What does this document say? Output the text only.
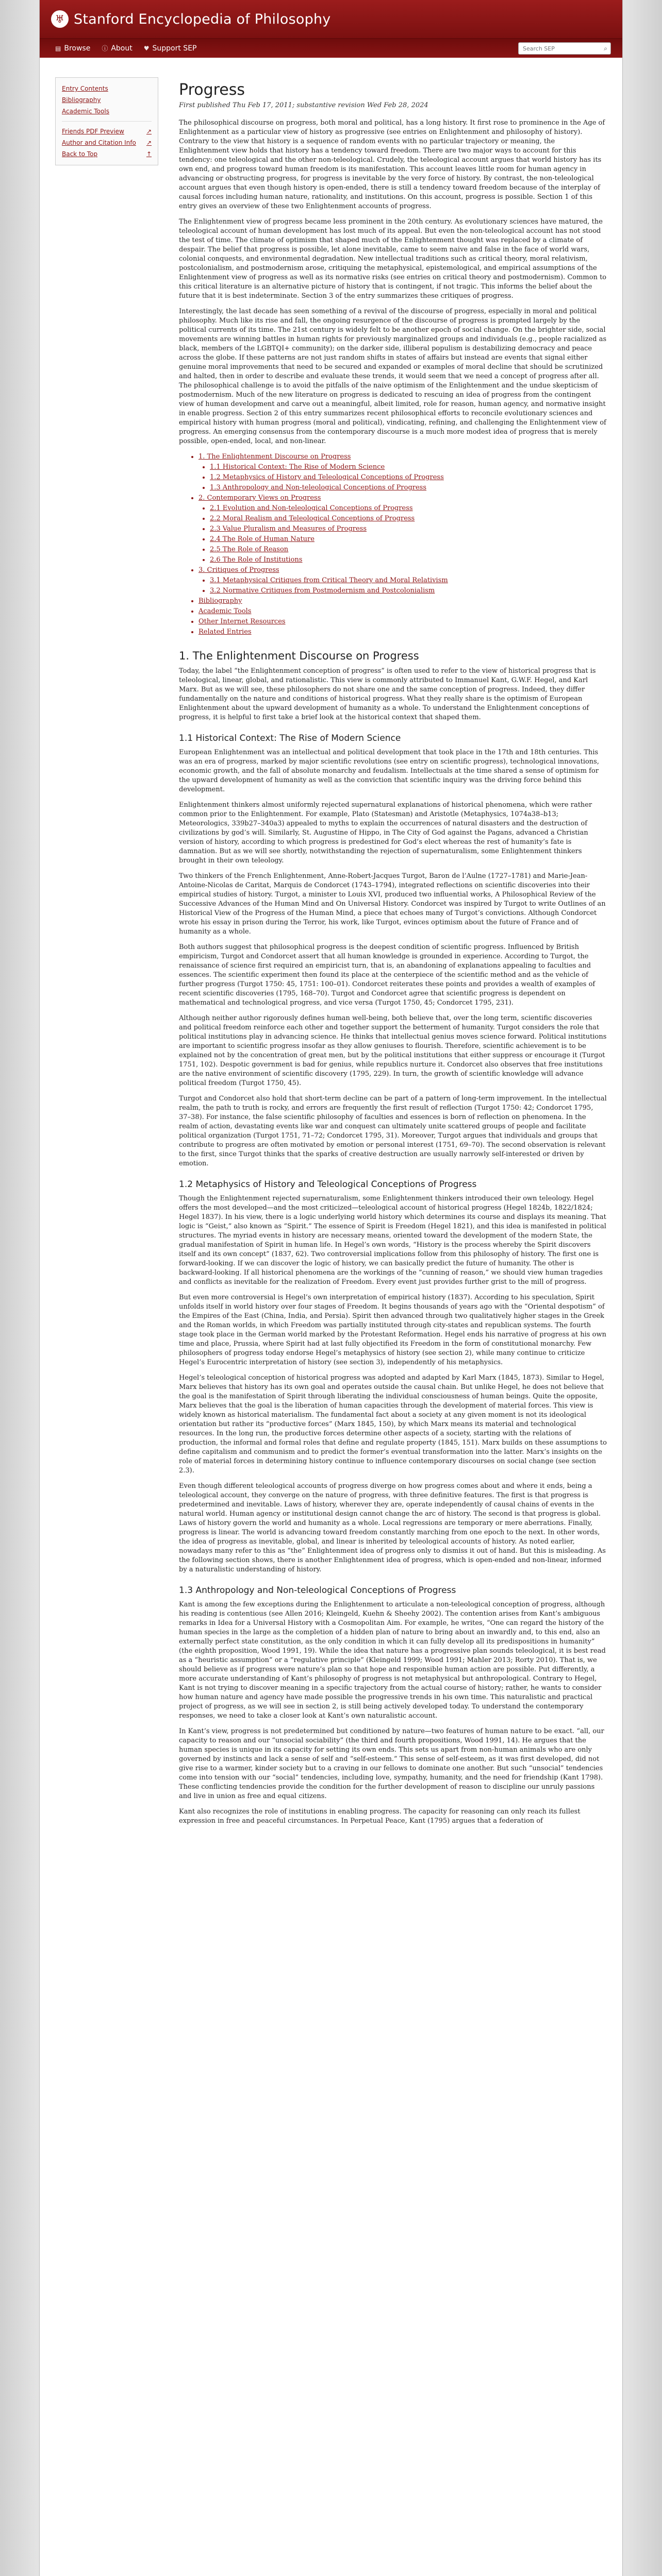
♅ Stanford Encyclopedia of Philosophy
▤ Browse ⓘ About ♥ Support SEP
Search SEP	⌕
Entry Contents
Bibliography
Academic Tools
Friends PDF Preview	↗
Author and Citation Info ↗
Back to Top	↑
Progress
First published Thu Feb 17, 2011; substantive revision Wed Feb 28, 2024

The philosophical discourse on progress, both moral and political, has a long history. It first rose to prominence in the Age of Enlightenment as a particular view of history as progressive (see entries on Enlightenment and philosophy of history). Contrary to the view that history is a sequence of random events with no particular trajectory or meaning, the Enlightenment view holds that history has a tendency toward freedom. There are two major ways to account for this tendency: one teleological and the other non-teleological. Crudely, the teleological account argues that world history has its own end, and progress toward human freedom is its manifestation. This account leaves little room for human agency in advancing or obstructing progress, for progress is inevitable by the very force of history. By contrast, the non-teleological account argues that even though history is open-ended, there is still a tendency toward freedom because of the interplay of causal forces including human nature, rationality, and institutions. On this account, progress is possible. Section 1 of this entry gives an overview of these two Enlightenment accounts of progress.

The Enlightenment view of progress became less prominent in the 20th century. As evolutionary sciences have matured, the teleological account of human development has lost much of its appeal. But even the non-teleological account has not stood the test of time. The climate of optimism that shaped much of the Enlightenment thought was replaced by a climate of despair. The belief that progress is possible, let alone inevitable, came to seem naive and false in the face of world wars, colonial conquests, and environmental degradation. New intellectual traditions such as critical theory, moral relativism, postcolonialism, and postmodernism arose, critiquing the metaphysical, epistemological, and empirical assumptions of the Enlightenment view of progress as well as its normative risks (see entries on critical theory and postmodernism). Common to this critical literature is an alternative picture of history that is contingent, if not tragic. This informs the belief about the future that it is best indeterminate. Section 3 of the entry summarizes these critiques of progress.

Interestingly, the last decade has seen something of a revival of the discourse of progress, especially in moral and political philosophy. Much like its rise and fall, the ongoing resurgence of the discourse of progress is prompted largely by the political currents of its time. The 21st century is widely felt to be another epoch of social change. On the brighter side, social movements are winning battles in human rights for previously marginalized groups and individuals (e.g., people racialized as black, members of the LGBTQI+ community); on the darker side, illiberal populism is destabilizing democracy and peace across the globe. If these patterns are not just random shifts in states of affairs but instead are events that signal either genuine moral improvements that need to be secured and expanded or examples of moral decline that should be scrutinized and halted, then in order to describe and evaluate these trends, it would seem that we need a concept of progress after all. The philosophical challenge is to avoid the pitfalls of the naive optimism of the Enlightenment and the undue skepticism of postmodernism. Much of the new literature on progress is dedicated to rescuing an idea of progress from the contingent view of human development and carve out a meaningful, albeit limited, role for reason, human agency, and normative insight in enable progress. Section 2 of this entry summarizes recent philosophical efforts to reconcile evolutionary sciences and empirical history with human progress (moral and political), vindicating, refining, and challenging the Enlightenment view of progress. An emerging consensus from the contemporary discourse is a much more modest idea of progress that is merely possible, open-ended, local, and non-linear.

• 1. The Enlightenment Discourse on Progress
• 1.1 Historical Context: The Rise of Modern Science
• 1.2 Metaphysics of History and Teleological Conceptions of Progress
• 1.3 Anthropology and Non-teleological Conceptions of Progress
• 2. Contemporary Views on Progress
• 2.1 Evolution and Non-teleological Conceptions of Progress
• 2.2 Moral Realism and Teleological Conceptions of Progress
• 2.3 Value Pluralism and Measures of Progress
• 2.4 The Role of Human Nature
• 2.5 The Role of Reason
• 2.6 The Role of Institutions
• 3. Critiques of Progress
• 3.1 Metaphysical Critiques from Critical Theory and Moral Relativism
• 3.2 Normative Critiques from Postmodernism and Postcolonialism
• Bibliography
• Academic Tools
• Other Internet Resources
• Related Entries
1. The Enlightenment Discourse on Progress

Today, the label “the Enlightenment conception of progress” is often used to refer to the view of historical progress that is teleological, linear, global, and rationalistic. This view is commonly attributed to Immanuel Kant, G.W.F. Hegel, and Karl Marx. But as we will see, these philosophers do not share one and the same conception of progress. Indeed, they differ fundamentally on the nature and conditions of historical progress. What they really share is the optimism of European Enlightenment about the upward development of humanity as a whole. To understand the Enlightenment conceptions of progress, it is helpful to first take a brief look at the historical context that shaped them.

1.1 Historical Context: The Rise of Modern Science

European Enlightenment was an intellectual and political development that took place in the 17th and 18th centuries. This was an era of progress, marked by major scientific revolutions (see entry on scientific progress), technological innovations, economic growth, and the fall of absolute monarchy and feudalism. Intellectuals at the time shared a sense of optimism for the upward development of humanity as well as the conviction that scientific inquiry was the driving force behind this development.

Enlightenment thinkers almost uniformly rejected supernatural explanations of historical phenomena, which were rather common prior to the Enlightenment. For example, Plato (Statesman) and Aristotle (Metaphysics, 1074a38–b13; Meteorologics, 339b27–340a3) appealed to myths to explain the occurrences of natural disasters and the destruction of civilizations by god’s will. Similarly, St. Augustine of Hippo, in The City of God against the Pagans, advanced a Christian version of history, according to which progress is predestined for God’s elect whereas the rest of humanity’s fate is damnation. But as we will see shortly, notwithstanding the rejection of supernaturalism, some Enlightenment thinkers brought in their own teleology.

Two thinkers of the French Enlightenment, Anne-Robert-Jacques Turgot, Baron de l’Aulne (1727–1781) and Marie-Jean-Antoine-Nicolas de Caritat, Marquis de Condorcet (1743–1794), integrated reflections on scientific discoveries into their empirical studies of history. Turgot, a minister to Louis XVI, produced two influential works, A Philosophical Review of the Successive Advances of the Human Mind and On Universal History. Condorcet was inspired by Turgot to write Outlines of an Historical View of the Progress of the Human Mind, a piece that echoes many of Turgot’s convictions. Although Condorcet wrote his essay in prison during the Terror, his work, like Turgot, evinces optimism about the future of France and of humanity as a whole.

Both authors suggest that philosophical progress is the deepest condition of scientific progress. Influenced by British empiricism, Turgot and Condorcet assert that all human knowledge is grounded in experience. According to Turgot, the renaissance of science first required an empiricist turn, that is, an abandoning of explanations appealing to faculties and essences. The scientific experiment then found its place at the centerpiece of the scientific method and as the vehicle of further progress (Turgot 1750: 45, 1751: 100–01). Condorcet reiterates these points and provides a wealth of examples of recent scientific discoveries (1795, 168–70). Turgot and Condorcet agree that scientific progress is dependent on mathematical and technological progress, and vice versa (Turgot 1750, 45; Condorcet 1795, 231).

Although neither author rigorously defines human well-being, both believe that, over the long term, scientific discoveries and political freedom reinforce each other and together support the betterment of humanity. Turgot considers the role that political institutions play in advancing science. He thinks that intellectual genius moves science forward. Political institutions are important to scientific progress insofar as they allow geniuses to flourish. Therefore, scientific achievement is to be explained not by the concentration of great men, but by the political institutions that either suppress or encourage it (Turgot 1751, 102). Despotic government is bad for genius, while republics nurture it. Condorcet also observes that free institutions are the native environment of scientific discovery (1795, 229). In turn, the growth of scientific knowledge will advance political freedom (Turgot 1750, 45).

Turgot and Condorcet also hold that short-term decline can be part of a pattern of long-term improvement. In the intellectual realm, the path to truth is rocky, and errors are frequently the first result of reflection (Turgot 1750: 42; Condorcet 1795, 37–38). For instance, the false scientific philosophy of faculties and essences is born of reflection on phenomena. In the realm of action, devastating events like war and conquest can ultimately unite scattered groups of people and facilitate political organization (Turgot 1751, 71–72; Condorcet 1795, 31). Moreover, Turgot argues that individuals and groups that contribute to progress are often motivated by emotion or personal interest (1751, 69–70). The second observation is relevant to the first, since Turgot thinks that the sparks of creative destruction are usually narrowly self-interested or driven by emotion.

1.2 Metaphysics of History and Teleological Conceptions of Progress

Though the Enlightenment rejected supernaturalism, some Enlightenment thinkers introduced their own teleology. Hegel offers the most developed—and the most criticized—teleological account of historical progress (Hegel 1824b, 1822/1824; Hegel 1837). In his view, there is a logic underlying world history which determines its course and displays its meaning. That logic is “Geist,” also known as “Spirit.” The essence of Spirit is Freedom (Hegel 1821), and this idea is manifested in political structures. The myriad events in history are necessary means, oriented toward the development of the modern State, the gradual manifestation of Spirit in human life. In Hegel’s own words, “History is the process whereby the Spirit discovers itself and its own concept” (1837, 62). Two controversial implications follow from this philosophy of history. The first one is forward-looking. If we can discover the logic of history, we can basically predict the future of humanity. The other is backward-looking. If all historical phenomena are the workings of the “cunning of reason,” we should view human tragedies and conflicts as inevitable for the realization of Freedom. Every event just provides further grist to the mill of progress.

But even more controversial is Hegel’s own interpretation of empirical history (1837). According to his speculation, Spirit unfolds itself in world history over four stages of Freedom. It begins thousands of years ago with the “Oriental despotism” of the Empires of the East (China, India, and Persia). Spirit then advanced through two qualitatively higher stages in the Greek and the Roman worlds, in which Freedom was partially instituted through city-states and republican systems. The fourth stage took place in the German world marked by the Protestant Reformation. Hegel ends his narrative of progress at his own time and place, Prussia, where Spirit had at last fully objectified its Freedom in the form of constitutional monarchy. Few philosophers of progress today endorse Hegel’s metaphysics of history (see section 2), while many continue to criticize Hegel’s Eurocentric interpretation of history (see section 3), independently of his metaphysics.

Hegel’s teleological conception of historical progress was adopted and adapted by Karl Marx (1845, 1873). Similar to Hegel, Marx believes that history has its own goal and operates outside the causal chain. But unlike Hegel, he does not believe that the goal is the manifestation of Spirit through liberating the individual consciousness of human beings. Quite the opposite, Marx believes that the goal is the liberation of human capacities through the development of material forces. This view is widely known as historical materialism. The fundamental fact about a society at any given moment is not its ideological orientation but rather its “productive forces” (Marx 1845, 150), by which Marx means its material and technological resources. In the long run, the productive forces determine other aspects of a society, starting with the relations of production, the informal and formal roles that define and regulate property (1845, 151). Marx builds on these assumptions to define capitalism and communism and to predict the former’s eventual transformation into the latter. Marx’s insights on the role of material forces in determining history continue to influence contemporary discourses on social change (see section 2.3).

Even though different teleological accounts of progress diverge on how progress comes about and where it ends, being a teleological account, they converge on the nature of progress, with three definitive features. The first is that progress is predetermined and inevitable. Laws of history, wherever they are, operate independently of causal chains of events in the natural world. Human agency or institutional design cannot change the arc of history. The second is that progress is global. Laws of history govern the world and humanity as a whole. Local regressions are temporary or mere aberrations. Finally, progress is linear. The world is advancing toward freedom constantly marching from one epoch to the next. In other words, the idea of progress as inevitable, global, and linear is inherited by teleological accounts of history. As noted earlier, nowadays many refer to this as “the” Enlightenment idea of progress only to dismiss it out of hand. But this is misleading. As the following section shows, there is another Enlightenment idea of progress, which is open-ended and non-linear, informed by a naturalistic understanding of history.

1.3 Anthropology and Non-teleological Conceptions of Progress

Kant is among the few exceptions during the Enlightenment to articulate a non-teleological conception of progress, although his reading is contentious (see Allen 2016; Kleingeld, Kuehn & Sheehy 2002). The contention arises from Kant’s ambiguous remarks in Idea for a Universal History with a Cosmopolitan Aim. For example, he writes, “One can regard the history of the human species in the large as the completion of a hidden plan of nature to bring about an inwardly and, to this end, also an externally perfect state constitution, as the only condition in which it can fully develop all its predispositions in humanity” (the eighth proposition, Wood 1991, 19). While the idea that nature has a progressive plan sounds teleological, it is best read as a “heuristic assumption” or a “regulative principle” (Kleingeld 1999; Wood 1991; Mahler 2013; Rorty 2010). That is, we should believe as if progress were nature’s plan so that hope and responsible human action are possible. Put differently, a more accurate understanding of Kant’s philosophy of progress is not metaphysical but anthropological. Contrary to Hegel, Kant is not trying to discover meaning in a specific trajectory from the actual course of history; rather, he wants to consider how human nature and agency have made possible the progressive trends in his own time. This naturalistic and practical project of progress, as we will see in section 2, is still being actively developed today. To understand the contemporary responses, we need to take a closer look at Kant’s own naturalistic account.

In Kant’s view, progress is not predetermined but conditioned by nature—two features of human nature to be exact. “all, our capacity to reason and our “unsocial sociability” (the third and fourth propositions, Wood 1991, 14). He argues that the human species is unique in its capacity for setting its own ends. This sets us apart from non-human animals who are only governed by instincts and lack a sense of self and “self-esteem.” This sense of self-esteem, as it was first developed, did not give rise to a warmer, kinder society but to a craving in our fellows to dominate one another. But such “unsocial” tendencies come into tension with our “social” tendencies, including love, sympathy, humanity, and the need for friendship (Kant 1798). These conflicting tendencies provide the condition for the further development of reason to discipline our unruly passions and live in union as free and equal citizens.

Kant also recognizes the role of institutions in enabling progress. The capacity for reasoning can only reach its fullest expression in free and peaceful circumstances. In Perpetual Peace, Kant (1795) argues that a federation of
